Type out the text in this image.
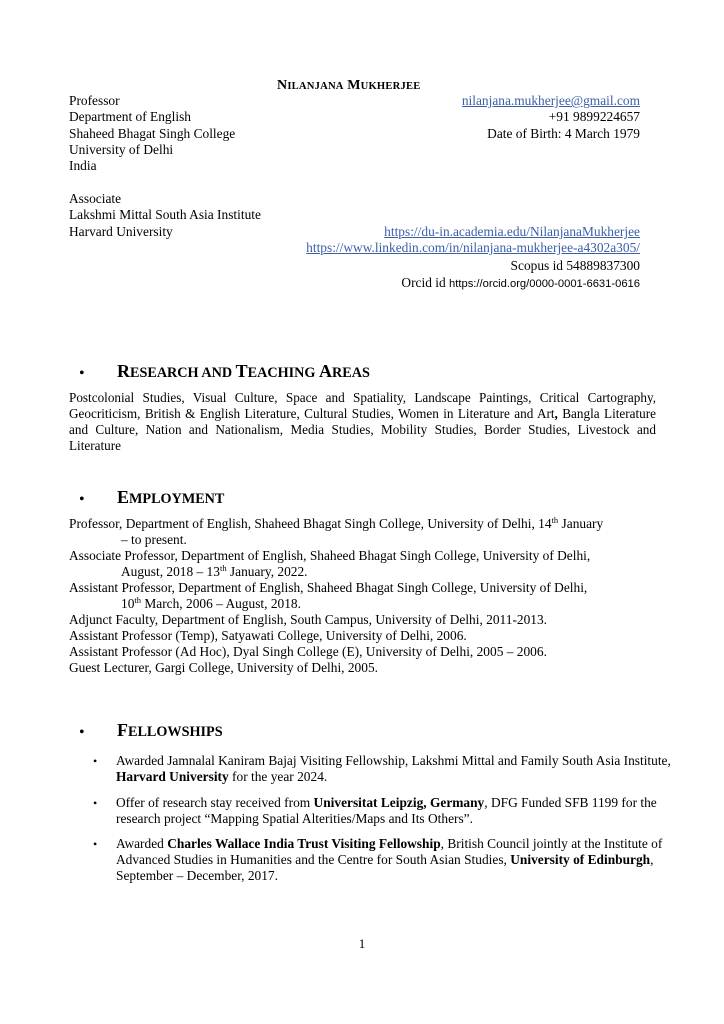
NILANJANA MUKHERJEE
Professor
Department of English
Shaheed Bhagat Singh College
University of Delhi
India
Associate
Lakshmi Mittal South Asia Institute
Harvard University
nilanjana.mukherjee@gmail.com
+91 9899224657
Date of Birth: 4 March 1979
https://du-in.academia.edu/NilanjanaMukherjee
https://www.linkedin.com/in/nilanjana-mukherjee-a4302a305/
Scopus id 54889837300
Orcid id https://orcid.org/0000-0001-6631-0616
• RESEARCH AND TEACHING AREAS
Postcolonial Studies, Visual Culture, Space and Spatiality, Landscape Paintings, Critical Cartography, Geocriticism, British & English Literature, Cultural Studies, Women in Literature and Art, Bangla Literature and Culture, Nation and Nationalism, Media Studies, Mobility Studies, Border Studies, Livestock and Literature
• EMPLOYMENT
Professor, Department of English, Shaheed Bhagat Singh College, University of Delhi, 14th January
– to present.
Associate Professor, Department of English, Shaheed Bhagat Singh College, University of Delhi,
August, 2018 – 13th January, 2022.
Assistant Professor, Department of English, Shaheed Bhagat Singh College, University of Delhi,
10th March, 2006 – August, 2018.
Adjunct Faculty, Department of English, South Campus, University of Delhi, 2011-2013.
Assistant Professor (Temp), Satyawati College, University of Delhi, 2006.
Assistant Professor (Ad Hoc), Dyal Singh College (E), University of Delhi, 2005 – 2006.
Guest Lecturer, Gargi College, University of Delhi, 2005.
• FELLOWSHIPS
• Awarded Jamnalal Kaniram Bajaj Visiting Fellowship, Lakshmi Mittal and Family South Asia Institute, Harvard University for the year 2024.
• Offer of research stay received from Universitat Leipzig, Germany, DFG Funded SFB 1199 for the research project “Mapping Spatial Alterities/Maps and Its Others”.
• Awarded Charles Wallace India Trust Visiting Fellowship, British Council jointly at the Institute of Advanced Studies in Humanities and the Centre for South Asian Studies, University of Edinburgh, September – December, 2017.
1
